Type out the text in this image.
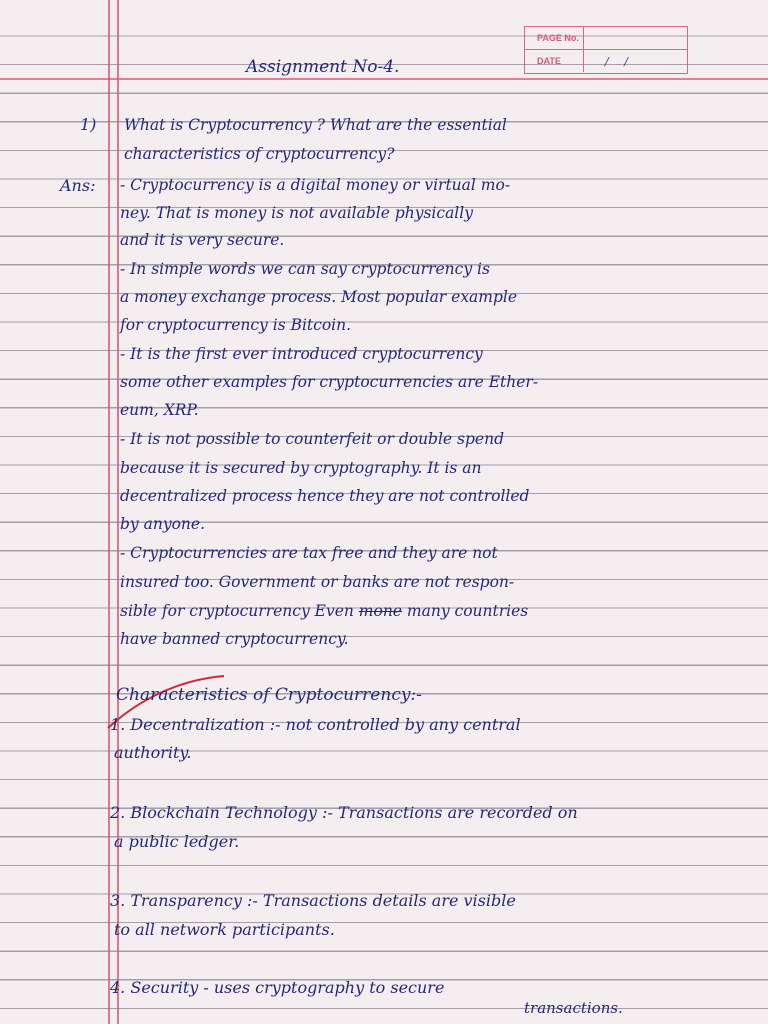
PAGE No.
DATE	/ /
Assignment No-4.
1) What is Cryptocurrency ? What are the essential
characteristics of cryptocurrency?
Ans: - Cryptocurrency is a digital money or virtual mo-
ney. That is money is not available physically
and it is very secure.
- In simple words we can say cryptocurrency is
a money exchange process. Most popular example
for cryptocurrency is Bitcoin.
- It is the first ever introduced cryptocurrency
some other examples for cryptocurrencies are Ether-
eum, XRP.
- It is not possible to counterfeit or double spend
because it is secured by cryptography. It is an
decentralized process hence they are not controlled
by anyone.
- Cryptocurrencies are tax free and they are not
insured too. Government or banks are not respon-
sible for cryptocurrency Even mone many countries
have banned cryptocurrency.
Characteristics of Cryptocurrency:-
1. Decentralization :- not controlled by any central
authority.
2. Blockchain Technology :- Transactions are recorded on
a public ledger.
3. Transparency :- Transactions details are visible
to all network participants.
4. Security - uses cryptography to secure
transactions.
